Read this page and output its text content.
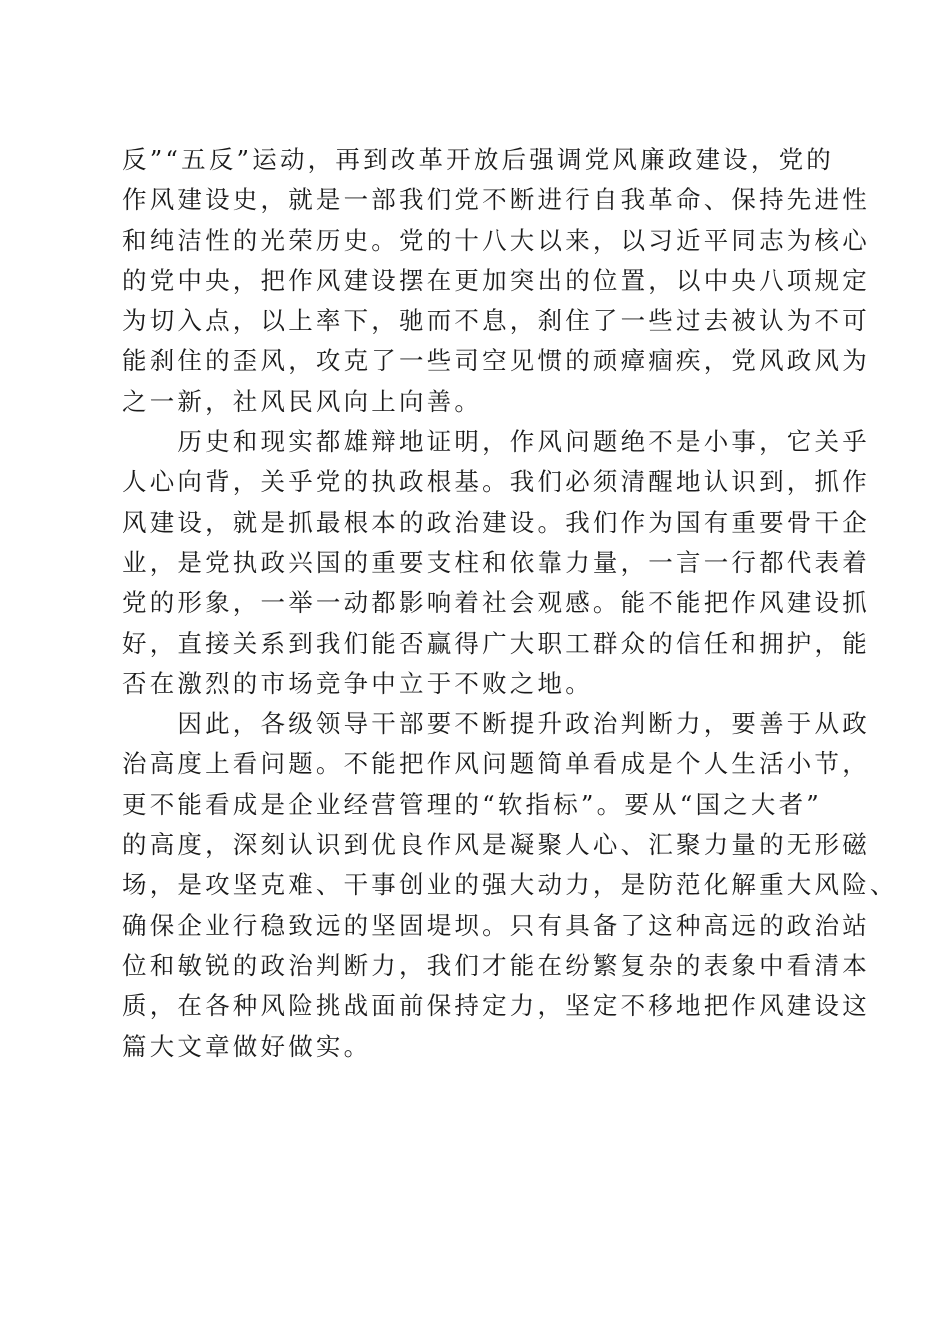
反”“五反”运动，再到改革开放后强调党风廉政建设，党的
作风建设史，就是一部我们党不断进行自我革命、保持先进性
和纯洁性的光荣历史。党的十八大以来，以习近平同志为核心
的党中央，把作风建设摆在更加突出的位置，以中央八项规定
为切入点，以上率下，驰而不息，刹住了一些过去被认为不可
能刹住的歪风，攻克了一些司空见惯的顽瘴痼疾，党风政风为
之一新，社风民风向上向善。
　　历史和现实都雄辩地证明，作风问题绝不是小事，它关乎
人心向背，关乎党的执政根基。我们必须清醒地认识到，抓作
风建设，就是抓最根本的政治建设。我们作为国有重要骨干企
业，是党执政兴国的重要支柱和依靠力量，一言一行都代表着
党的形象，一举一动都影响着社会观感。能不能把作风建设抓
好，直接关系到我们能否赢得广大职工群众的信任和拥护，能
否在激烈的市场竞争中立于不败之地。
　　因此，各级领导干部要不断提升政治判断力，要善于从政
治高度上看问题。不能把作风问题简单看成是个人生活小节，
更不能看成是企业经营管理的“软指标”。要从“国之大者”
的高度，深刻认识到优良作风是凝聚人心、汇聚力量的无形磁
场，是攻坚克难、干事创业的强大动力，是防范化解重大风险、
确保企业行稳致远的坚固堤坝。只有具备了这种高远的政治站
位和敏锐的政治判断力，我们才能在纷繁复杂的表象中看清本
质，在各种风险挑战面前保持定力，坚定不移地把作风建设这
篇大文章做好做实。
